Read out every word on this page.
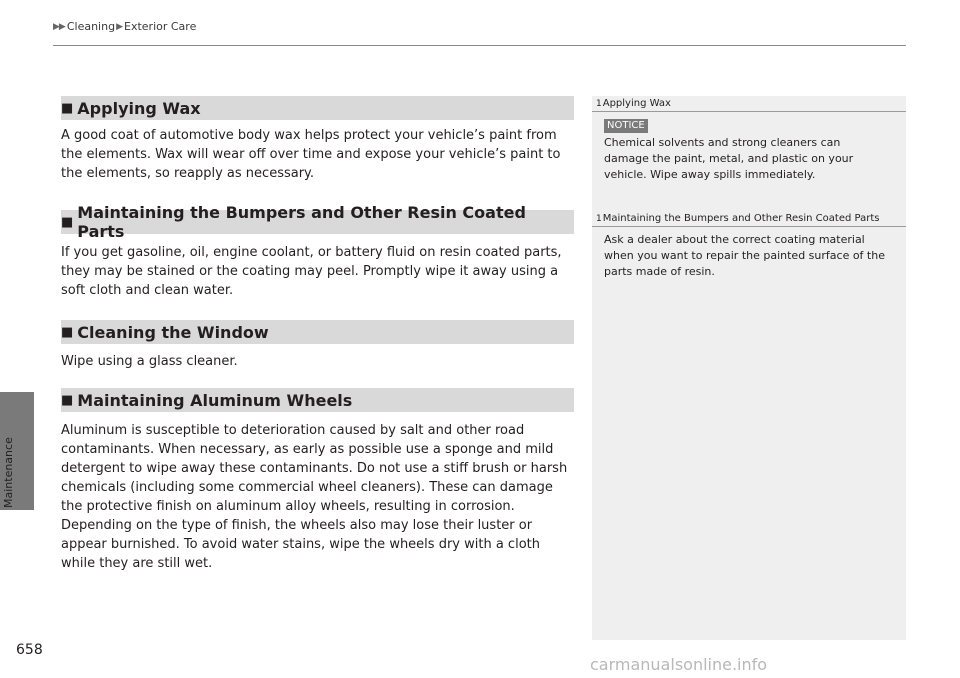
▶ ▶ Cleaning ▶ Exterior Care
Maintenance
658
■ Applying Wax

A good coat of automotive body wax helps protect your vehicle’s paint from the elements. Wax will wear off over time and expose your vehicle’s paint to the elements, so reapply as necessary.

■ Maintaining the Bumpers and Other Resin Coated Parts

If you get gasoline, oil, engine coolant, or battery fluid on resin coated parts, they may be stained or the coating may peel. Promptly wipe it away using a soft cloth and clean water.

■ Cleaning the Window

Wipe using a glass cleaner.

■ Maintaining Aluminum Wheels

Aluminum is susceptible to deterioration caused by salt and other road contaminants. When necessary, as early as possible use a sponge and mild detergent to wipe away these contaminants. Do not use a stiff brush or harsh chemicals (including some commercial wheel cleaners). These can damage the protective finish on aluminum alloy wheels, resulting in corrosion. Depending on the type of finish, the wheels also may lose their luster or appear burnished. To avoid water stains, wipe the wheels dry with a cloth while they are still wet.

1 Applying Wax
NOTICE

Chemical solvents and strong cleaners can damage the paint, metal, and plastic on your vehicle. Wipe away spills immediately.

1 Maintaining the Bumpers and Other Resin Coated Parts

Ask a dealer about the correct coating material when you want to repair the painted surface of the parts made of resin.

carmanualsonline.info
